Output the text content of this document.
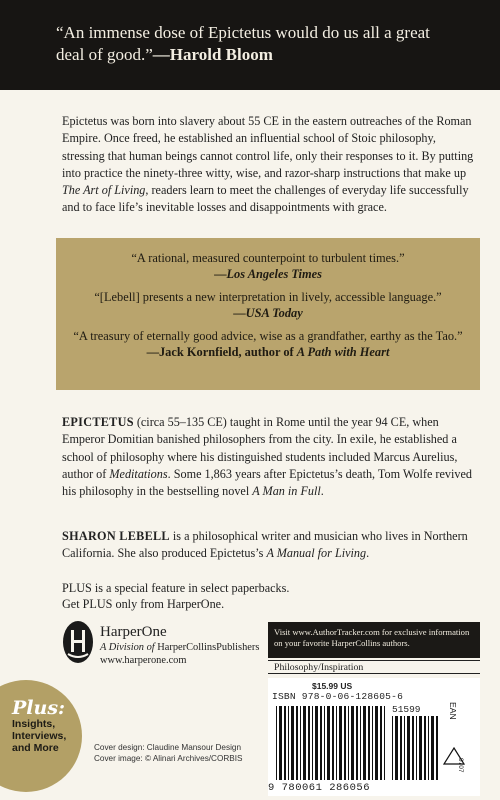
“An immense dose of Epictetus would do us all a great deal of good.”—Harold Bloom
Epictetus was born into slavery about 55 CE in the eastern outreaches of the Roman Empire. Once freed, he established an influential school of Stoic philosophy, stressing that human beings cannot control life, only their responses to it. By putting into practice the ninety-three witty, wise, and razor-sharp instructions that make up The Art of Living, readers learn to meet the challenges of everyday life successfully and to face life’s inevitable losses and disappointments with grace.
“A rational, measured counterpoint to turbulent times.”
—Los Angeles Times
“[Lebell] presents a new interpretation in lively, accessible language.”
—USA Today
“A treasury of eternally good advice, wise as a grandfather, earthy as the Tao.”
—Jack Kornfield, author of A Path with Heart
EPICTETUS (circa 55–135 CE) taught in Rome until the year 94 CE, when Emperor Domitian banished philosophers from the city. In exile, he established a school of philosophy where his distinguished students included Marcus Aurelius, author of Meditations. Some 1,863 years after Epictetus’s death, Tom Wolfe revived his philosophy in the bestselling novel A Man in Full.
SHARON LEBELL is a philosophical writer and musician who lives in Northern California. She also produced Epictetus’s A Manual for Living.
PLUS is a special feature in select paperbacks.
Get PLUS only from HarperOne.
HarperOne
A Division of HarperCollinsPublishers
www.harperone.com
Plus:
Insights,
Interviews,
and More	Cover design: Claudine Mansour Design
Cover image: © Alinari Archives/CORBIS
Visit www.AuthorTracker.com for exclusive information on your favorite HarperCollins authors.
Philosophy/Inspiration
$15.99 US
ISBN 978-0-06-128605-6
51599	EAN
9707
9 780061 286056
